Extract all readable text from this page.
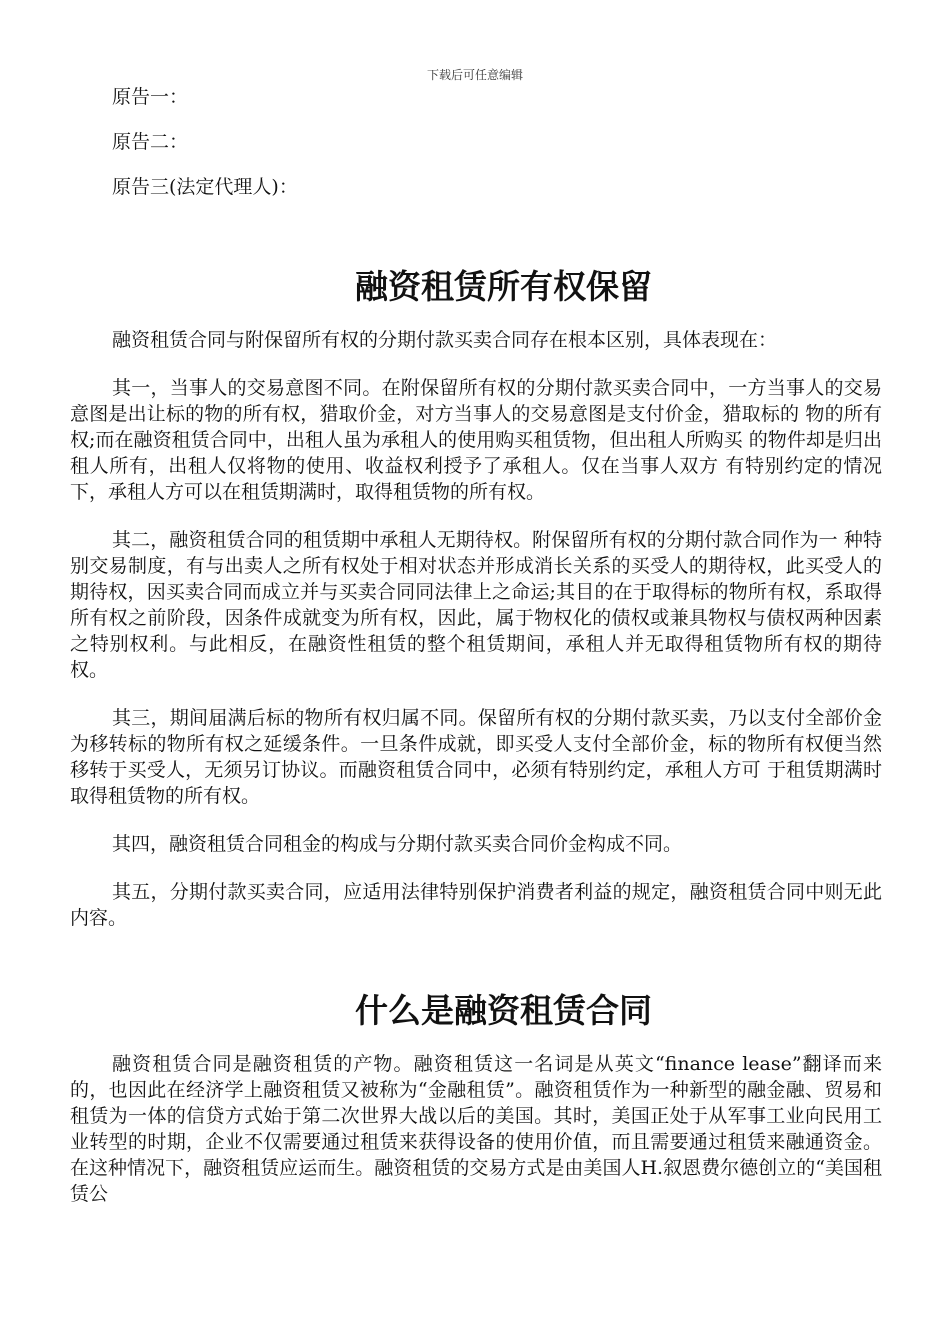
下载后可任意编辑

原告一：

原告二：

原告三(法定代理人)：

融资租赁所有权保留

融资租赁合同与附保留所有权的分期付款买卖合同存在根本区别，具体表现在：

其一，当事人的交易意图不同。在附保留所有权的分期付款买卖合同中，一方当事人的交易意图是出让标的物的所有权，猎取价金，对方当事人的交易意图是支付价金，猎取标的 物的所有权;而在融资租赁合同中，出租人虽为承租人的使用购买租赁物，但出租人所购买 的物件却是归出租人所有，出租人仅将物的使用、收益权利授予了承租人。仅在当事人双方 有特别约定的情况下，承租人方可以在租赁期满时，取得租赁物的所有权。

其二，融资租赁合同的租赁期中承租人无期待权。附保留所有权的分期付款合同作为一 种特别交易制度，有与出卖人之所有权处于相对状态并形成消长关系的买受人的期待权，此买受人的期待权，因买卖合同而成立并与买卖合同同法律上之命运;其目的在于取得标的物所有权，系取得所有权之前阶段，因条件成就变为所有权，因此，属于物权化的债权或兼具物权与债权两种因素之特别权利。与此相反，在融资性租赁的整个租赁期间，承租人并无取得租赁物所有权的期待权。

其三，期间届满后标的物所有权归属不同。保留所有权的分期付款买卖，乃以支付全部价金为移转标的物所有权之延缓条件。一旦条件成就，即买受人支付全部价金，标的物所有权便当然移转于买受人，无须另订协议。而融资租赁合同中，必须有特别约定，承租人方可 于租赁期满时取得租赁物的所有权。

其四，融资租赁合同租金的构成与分期付款买卖合同价金构成不同。

其五，分期付款买卖合同，应适用法律特别保护消费者利益的规定，融资租赁合同中则无此内容。

什么是融资租赁合同

融资租赁合同是融资租赁的产物。融资租赁这一名词是从英文“finance lease”翻译而来的，也因此在经济学上融资租赁又被称为“金融租赁”。融资租赁作为一种新型的融金融、贸易和租赁为一体的信贷方式始于第二次世界大战以后的美国。其时，美国正处于从军事工业向民用工业转型的时期，企业不仅需要通过租赁来获得设备的使用价值，而且需要通过租赁来融通资金。在这种情况下，融资租赁应运而生。融资租赁的交易方式是由美国人H.叙恩费尔德创立的“美国租赁公
